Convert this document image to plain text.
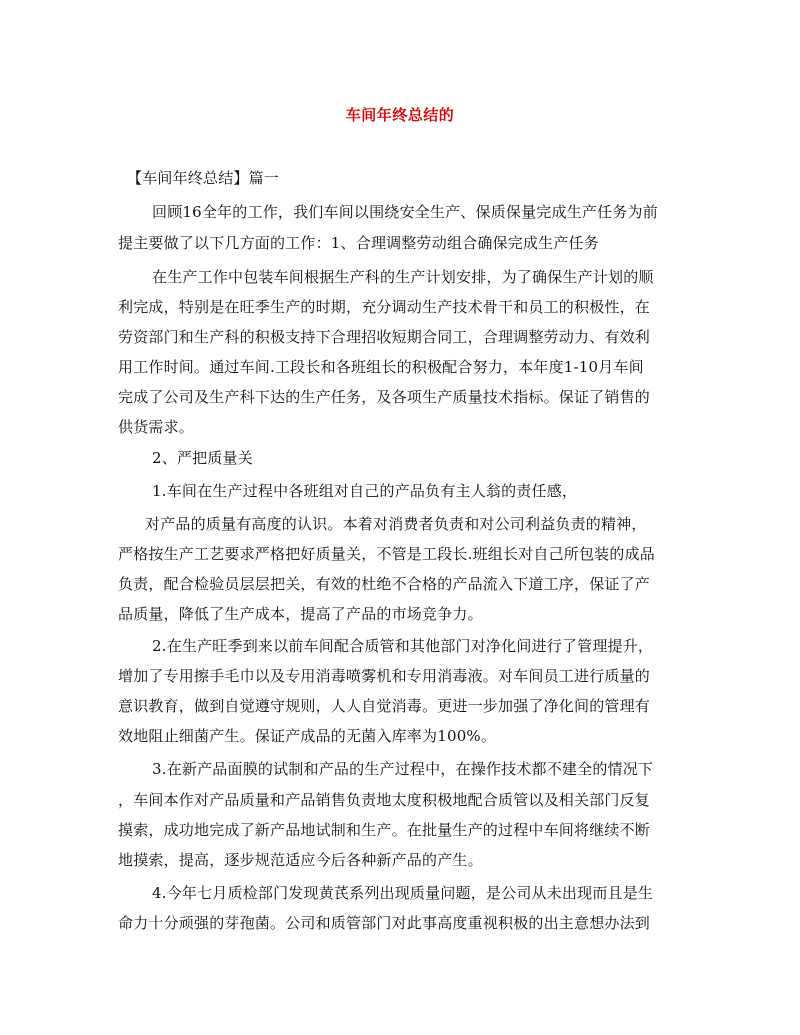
车间年终总结的
【车间年终总结】篇一
回顾16全年的工作，我们车间以围绕安全生产、保质保量完成生产任务为前
提主要做了以下几方面的工作：1、合理调整劳动组合确保完成生产任务
在生产工作中包装车间根据生产科的生产计划安排，为了确保生产计划的顺
利完成，特别是在旺季生产的时期，充分调动生产技术骨干和员工的积极性，在
劳资部门和生产科的积极支持下合理招收短期合同工，合理调整劳动力、有效利
用工作时间。通过车间.工段长和各班组长的积极配合努力，本年度1-10月车间
完成了公司及生产科下达的生产任务，及各项生产质量技术指标。保证了销售的
供货需求。
2、严把质量关
1.车间在生产过程中各班组对自己的产品负有主人翁的责任感，
对产品的质量有高度的认识。本着对消费者负责和对公司利益负责的精神，
严格按生产工艺要求严格把好质量关，不管是工段长.班组长对自己所包装的成品
负责，配合检验员层层把关，有效的杜绝不合格的产品流入下道工序，保证了产
品质量，降低了生产成本，提高了产品的市场竞争力。
2.在生产旺季到来以前车间配合质管和其他部门对净化间进行了管理提升，
增加了专用擦手毛巾以及专用消毒喷雾机和专用消毒液。对车间员工进行质量的
意识教育，做到自觉遵守规则，人人自觉消毒。更进一步加强了净化间的管理有
效地阻止细菌产生。保证产成品的无菌入库率为100%。
3.在新产品面膜的试制和产品的生产过程中，在操作技术都不建全的情况下
，车间本作对产品质量和产品销售负责地太度积极地配合质管以及相关部门反复
摸索，成功地完成了新产品地试制和生产。在批量生产的过程中车间将继续不断
地摸索，提高，逐步规范适应今后各种新产品的产生。
4.今年七月质检部门发现黄芪系列出现质量问题，是公司从未出现而且是生
命力十分顽强的芽孢菌。公司和质管部门对此事高度重视积极的出主意想办法到
